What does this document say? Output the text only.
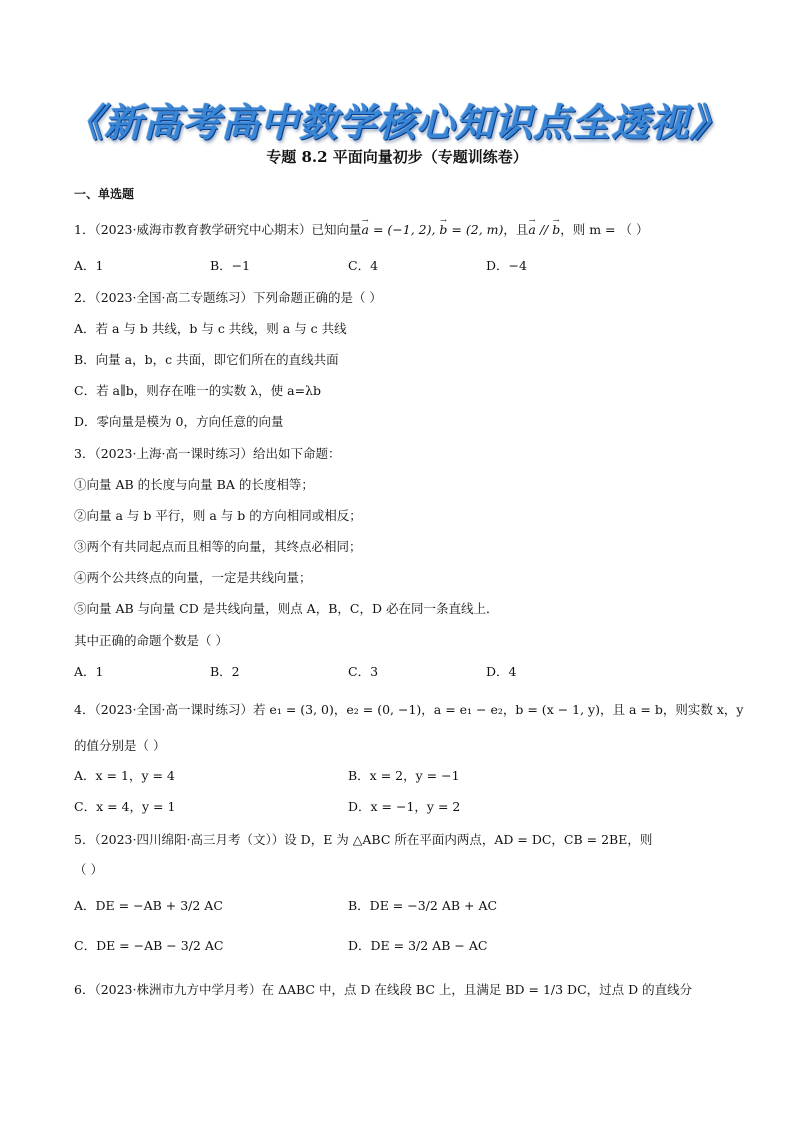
《新高考高中数学核心知识点全透视》
专题 8.2 平面向量初步（专题训练卷）
一、单选题
1．（2023·威海市教育教学研究中心期末）已知向量→ a = (−1, 2), → b = (2, m)，且→ a // → b，则 m = （ ）
A．1	B．−1	C．4	D．−4
2．（2023·全国·高二专题练习）下列命题正确的是（ ）
A．若 a 与 b 共线，b 与 c 共线，则 a 与 c 共线
B．向量 a，b，c 共面，即它们所在的直线共面
C．若 a∥b，则存在唯一的实数 λ，使 a=λb
D．零向量是模为 0，方向任意的向量
3．（2023·上海·高一课时练习）给出如下命题：
①向量 AB 的长度与向量 BA 的长度相等；
②向量 a 与 b 平行，则 a 与 b 的方向相同或相反；
③两个有共同起点而且相等的向量，其终点必相同；
④两个公共终点的向量，一定是共线向量；
⑤向量 AB 与向量 CD 是共线向量，则点 A，B，C，D 必在同一条直线上．
其中正确的命题个数是（ ）
A．1	B．2	C．3	D．4
4．（2023·全国·高一课时练习）若 e₁ = (3, 0)，e₂ = (0, −1)，a = e₁ − e₂，b = (x − 1, y)，且 a = b，则实数 x，y
的值分别是（ ）
A．x = 1，y = 4	B．x = 2，y = −1
C．x = 4，y = 1	D．x = −1，y = 2
5．（2023·四川绵阳·高三月考（文））设 D，E 为 △ABC 所在平面内两点，AD = DC，CB = 2BE，则
（ ）
A．DE = −AB + 3/2 AC	B．DE = −3/2 AB + AC
C．DE = −AB − 3/2 AC	D．DE = 3/2 AB − AC
6．（2023·株洲市九方中学月考）在 ΔABC 中，点 D 在线段 BC 上，且满足 BD = 1/3 DC，过点 D 的直线分
